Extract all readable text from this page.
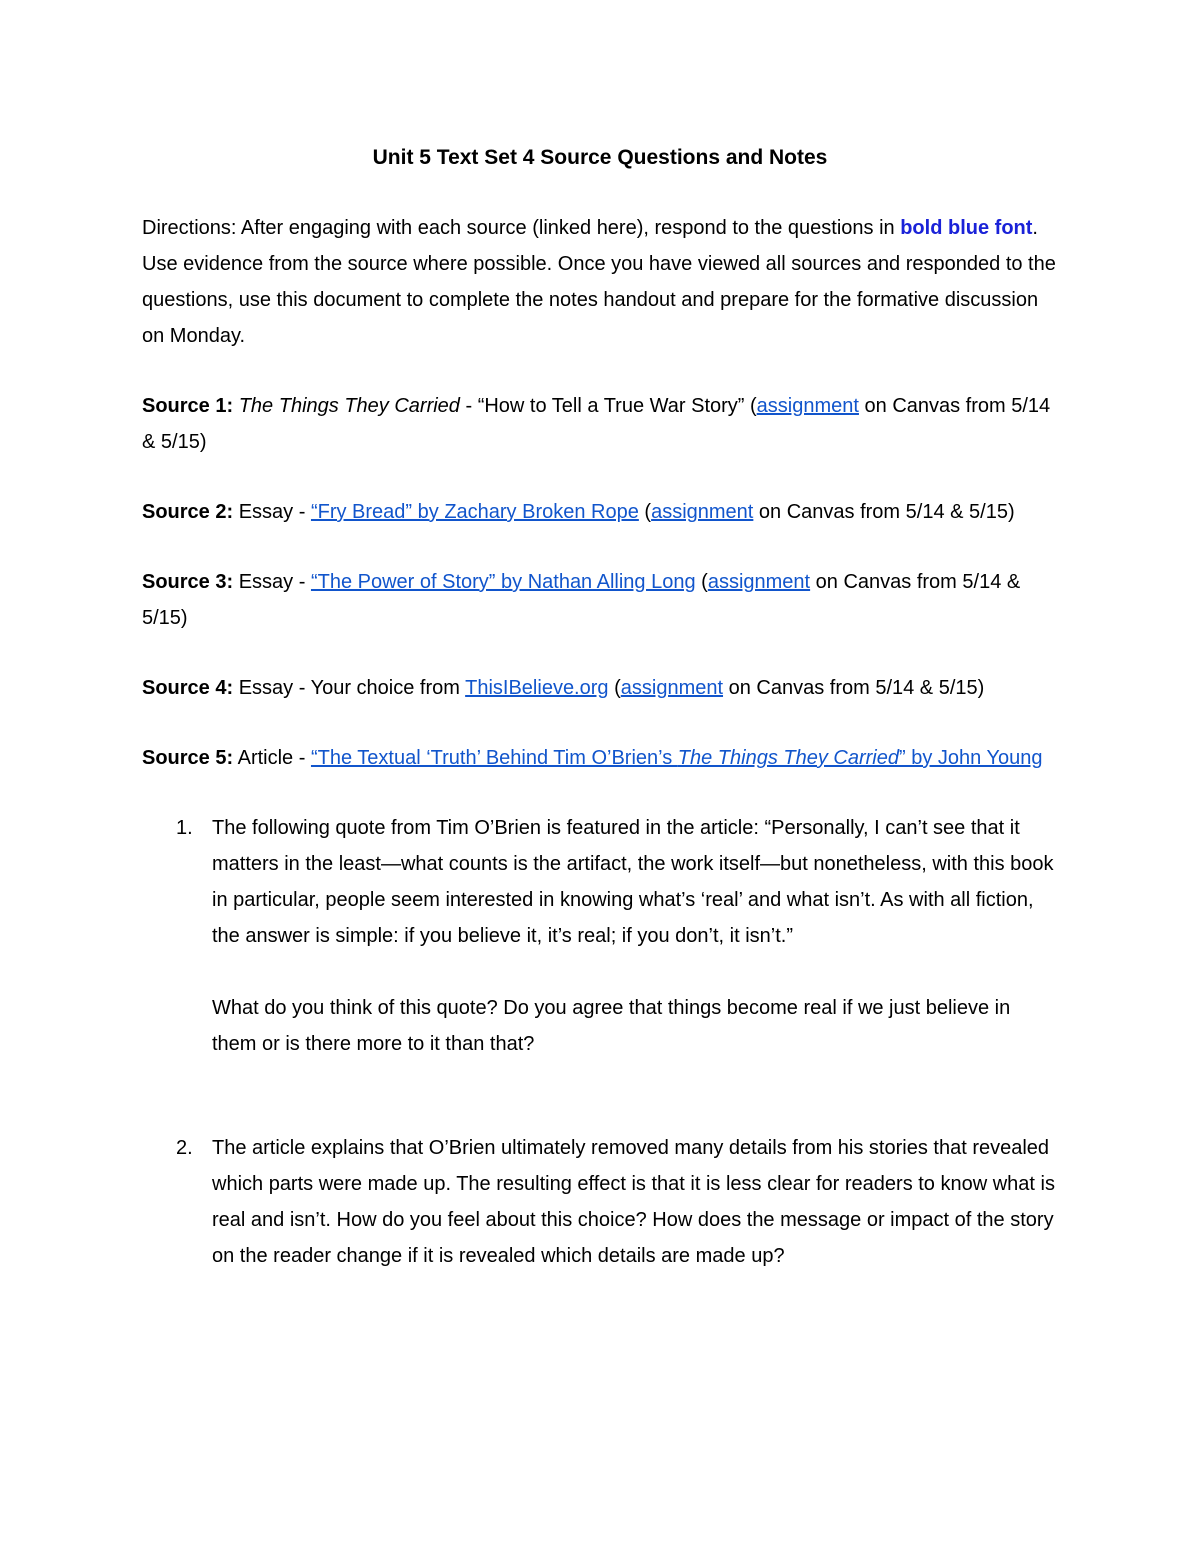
Unit 5 Text Set 4 Source Questions and Notes

Directions: After engaging with each source (linked here), respond to the questions in bold blue font. Use evidence from the source where possible. Once you have viewed all sources and responded to the questions, use this document to complete the notes handout and prepare for the formative discussion on Monday.

Source 1: The Things They Carried - “How to Tell a True War Story” (assignment on Canvas from 5/14 & 5/15)

Source 2: Essay - “Fry Bread” by Zachary Broken Rope (assignment on Canvas from 5/14 & 5/15)

Source 3: Essay - “The Power of Story” by Nathan Alling Long (assignment on Canvas from 5/14 & 5/15)

Source 4: Essay - Your choice from ThisIBelieve.org (assignment on Canvas from 5/14 & 5/15)

Source 5: Article - “The Textual ‘Truth’ Behind Tim O’Brien’s The Things They Carried” by John Young

1. The following quote from Tim O’Brien is featured in the article: “Personally, I can’t see that it matters in the least—what counts is the artifact, the work itself—but nonetheless, with this book in particular, people seem interested in knowing what’s ‘real’ and what isn’t. As with all fiction, the answer is simple: if you believe it, it’s real; if you don’t, it isn’t.”

What do you think of this quote? Do you agree that things become real if we just believe in them or is there more to it than that?

2. The article explains that O’Brien ultimately removed many details from his stories that revealed which parts were made up. The resulting effect is that it is less clear for readers to know what is real and isn’t. How do you feel about this choice? How does the message or impact of the story on the reader change if it is revealed which details are made up?
